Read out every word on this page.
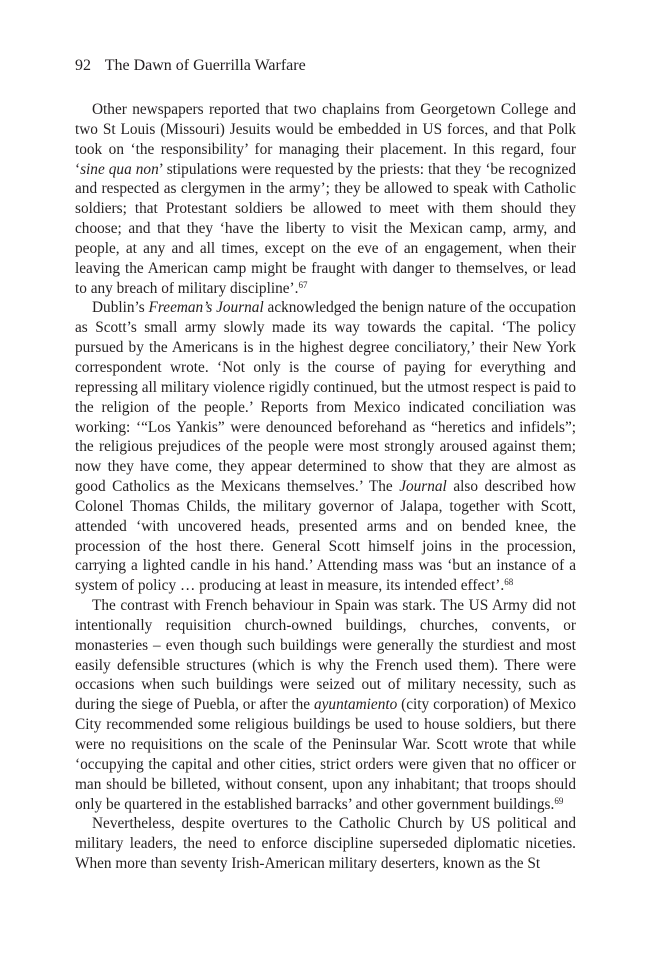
92 The Dawn of Guerrilla Warfare

Other newspapers reported that two chaplains from Georgetown College and two St Louis (Missouri) Jesuits would be embedded in US forces, and that Polk took on ‘the responsibility’ for managing their placement. In this regard, four ‘sine qua non’ stipulations were requested by the priests: that they ‘be recognized and respected as clergymen in the army’; they be allowed to speak with Catholic soldiers; that Protestant soldiers be allowed to meet with them should they choose; and that they ‘have the liberty to visit the Mexican camp, army, and people, at any and all times, except on the eve of an engagement, when their leaving the American camp might be fraught with danger to themselves, or lead to any breach of military discipline’.$^{67}$

Dublin’s Freeman’s Journal acknowledged the benign nature of the occupation as Scott’s small army slowly made its way towards the capital. ‘The policy pursued by the Americans is in the highest degree conciliatory,’ their New York correspondent wrote. ‘Not only is the course of paying for everything and repressing all military violence rigidly continued, but the utmost respect is paid to the religion of the people.’ Reports from Mexico indicated conciliation was working: ‘“Los Yankis” were denounced beforehand as “heretics and infidels”; the religious prejudices of the people were most strongly aroused against them; now they have come, they appear determined to show that they are almost as good Catholics as the Mexicans themselves.’ The Journal also described how Colonel Thomas Childs, the military governor of Jalapa, together with Scott, attended ‘with uncovered heads, presented arms and on bended knee, the procession of the host there. General Scott himself joins in the procession, carrying a lighted candle in his hand.’ Attending mass was ‘but an instance of a system of policy … producing at least in measure, its intended effect’.$^{68}$

The contrast with French behaviour in Spain was stark. The US Army did not intentionally requisition church-owned buildings, churches, convents, or monasteries – even though such buildings were generally the sturdiest and most easily defensible structures (which is why the French used them). There were occasions when such buildings were seized out of military necessity, such as during the siege of Puebla, or after the ayuntamiento (city corporation) of Mexico City recommended some religious buildings be used to house soldiers, but there were no requisitions on the scale of the Peninsular War. Scott wrote that while ‘occupying the capital and other cities, strict orders were given that no officer or man should be billeted, without consent, upon any inhabitant; that troops should only be quartered in the established barracks’ and other government buildings.$^{69}$

Nevertheless, despite overtures to the Catholic Church by US political and military leaders, the need to enforce discipline superseded diplomatic niceties. When more than seventy Irish-American military deserters, known as the St
